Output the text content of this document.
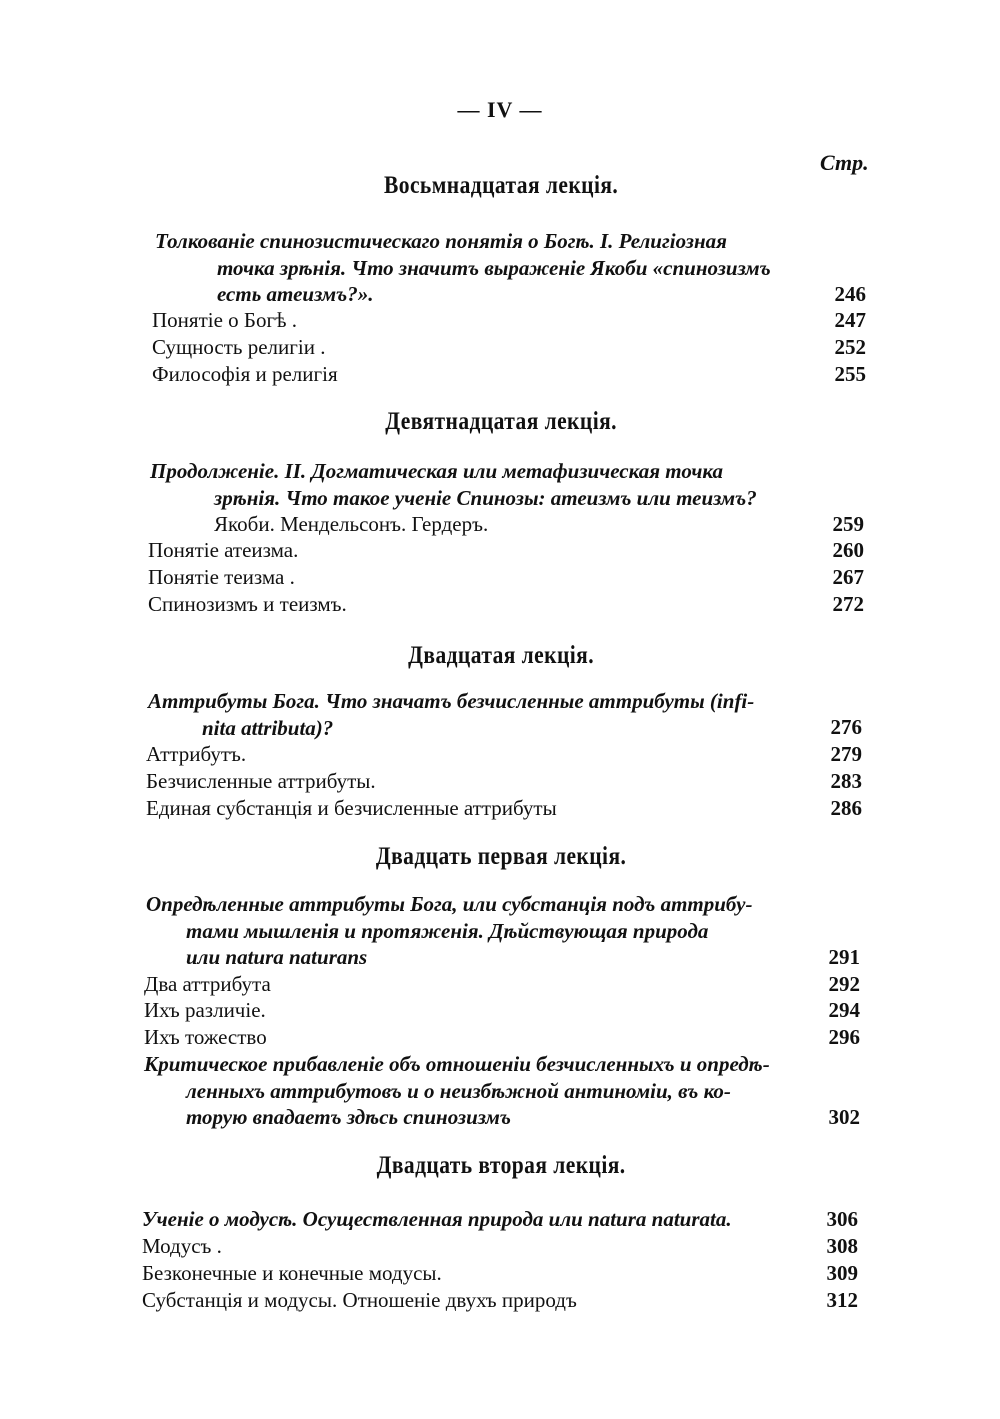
— IV —
Стр.
Восьмнадцатая лекція.
Толкованіе спинозистическаго понятія о Богѣ. I. Религіозная
точка зрѣнія. Что значитъ выраженіе Якоби «спинозизмъ
есть атеизмъ?».	246
Понятіе о Богѣ .	247
Сущность религіи .	252
Философія и религія	255
Девятнадцатая лекція.
Продолженіе. II. Догматическая или метафизическая точка
зрѣнія. Что такое ученіе Спинозы: атеизмъ или теизмъ?
Якоби. Мендельсонъ. Гердеръ.	259
Понятіе атеизма.	260
Понятіе теизма .	267
Спинозизмъ и теизмъ.	272
Двадцатая лекція.
Аттрибуты Бога. Что значатъ безчисленные аттрибуты (infi-
nita attributa)?	276
Аттрибутъ.	279
Безчисленные аттрибуты.	283
Единая субстанція и безчисленные аттрибуты	286
Двадцать первая лекція.
Опредѣленные аттрибуты Бога, или субстанція подъ аттрибу-
тами мышленія и протяженія. Дѣйствующая природа
или natura naturans	291
Два аттрибута	292
Ихъ различіе.	294
Ихъ тожество	296
Критическое прибавленіе объ отношеніи безчисленныхъ и опредѣ-
ленныхъ аттрибутовъ и о неизбѣжной антиноміи, въ ко-
торую впадаетъ здѣсь спинозизмъ	302
Двадцать вторая лекція.
Ученіе о модусѣ. Осуществленная природа или natura naturata.	306
Модусъ .	308
Безконечные и конечные модусы.	309
Субстанція и модусы. Отношеніе двухъ природъ	312
